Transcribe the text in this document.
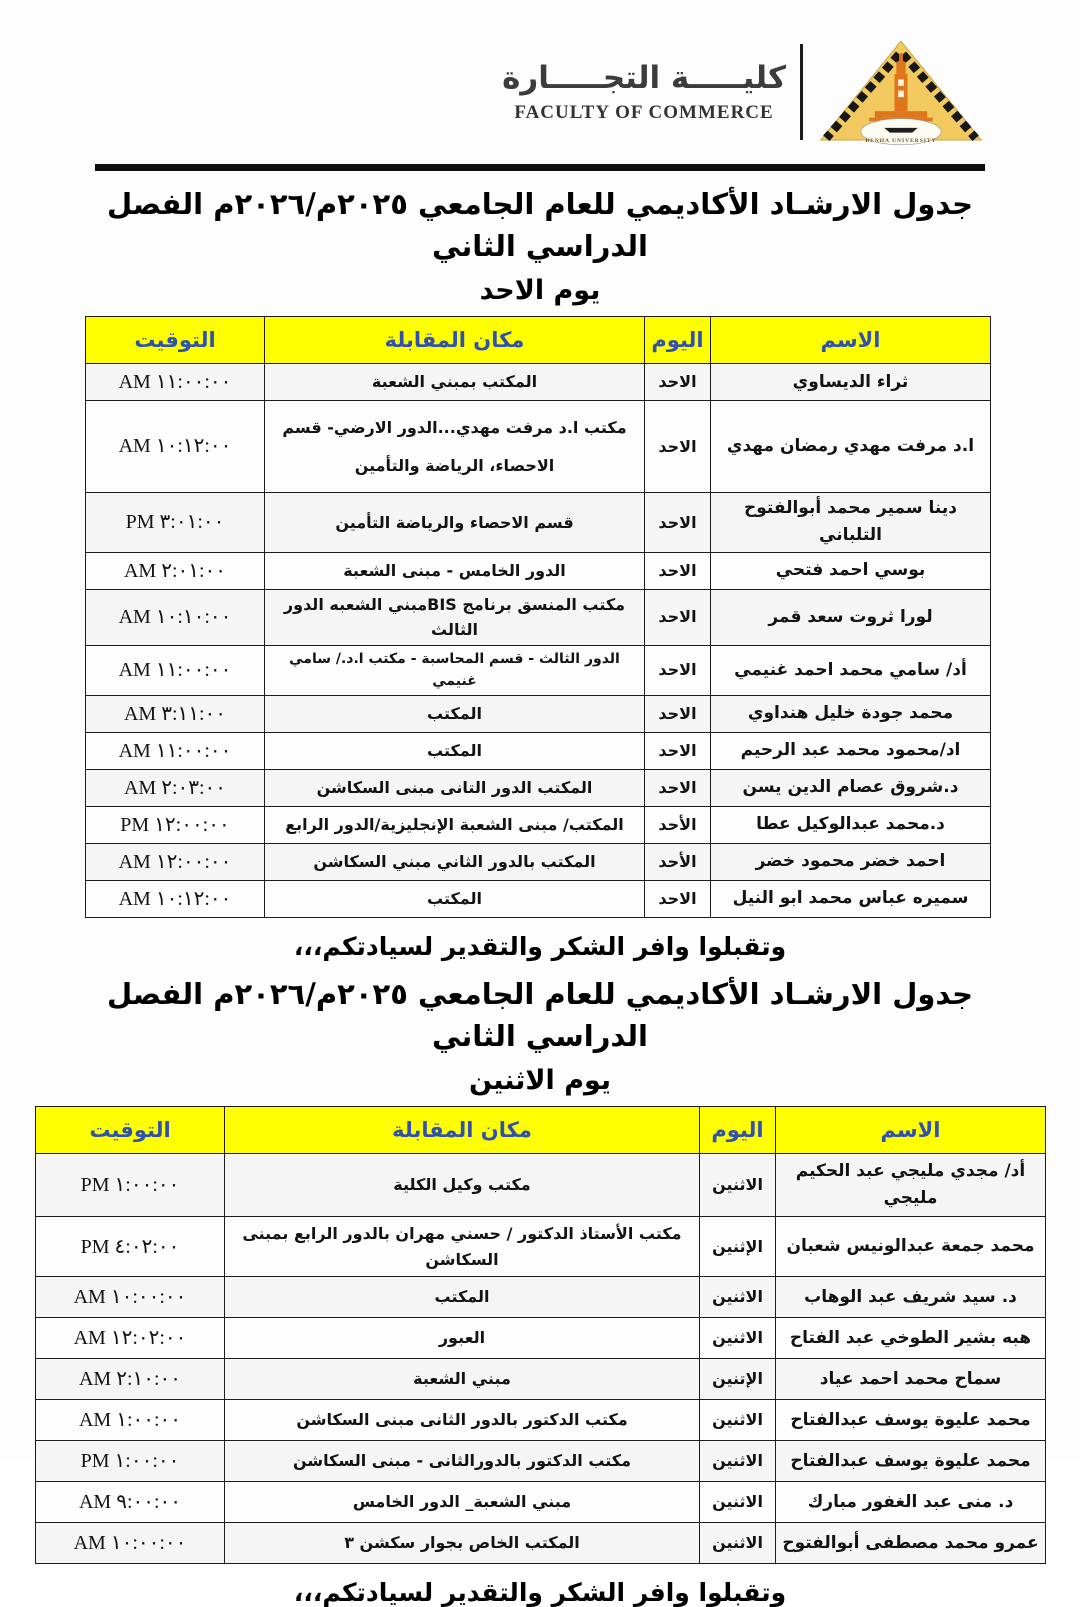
كليـــــة التجـــــارة
FACULTY OF COMMERCE
BENHA UNIVERSITY
جدول الارشـاد الأكاديمي للعام الجامعي ٢٠٢٥م/٢٠٢٦م الفصل الدراسي الثاني
يوم الاحد
الاسم	اليوم	مكان المقابلة	التوقيت
ثراء الديساوي	الاحد	المكتب بمبني الشعبة	AM ١١:٠٠:٠٠
ا.د مرفت مهدي رمضان مهدي	الاحد	مكتب ا.د مرفت مهدي...الدور الارضي- قسم الاحصاء، الرياضة والتأمين	AM ١٠:١٢:٠٠
دينا سمير محمد أبوالفتوح التلباني	الاحد	قسم الاحصاء والرياضة التأمين	PM ٣:٠١:٠٠
بوسي احمد فتحي	الاحد	الدور الخامس - مبنى الشعبة	AM ٢:٠١:٠٠
لورا ثروت سعد قمر	الاحد	مكتب المنسق برنامج BISمبني الشعبه الدور الثالث	AM ١٠:١٠:٠٠
أد/ سامي محمد احمد غنيمي	الاحد	الدور الثالث - قسم المحاسبة - مكتب ا.د./ سامي غنيمي	AM ١١:٠٠:٠٠
محمد جودة خليل هنداوي	الاحد	المكتب	AM ٣:١١:٠٠
اد/محمود محمد عبد الرحيم	الاحد	المكتب	AM ١١:٠٠:٠٠
د.شروق عصام الدين يسن	الاحد	المكتب الدور التانى مبنى السكاشن	AM ٢:٠٣:٠٠
د.محمد عبدالوكيل عطا	الأحد	المكتب/ مبنى الشعبة الإنجليزية/الدور الرابع	PM ١٢:٠٠:٠٠
احمد خضر محمود خضر	الأحد	المكتب بالدور الثاني مبني السكاشن	AM ١٢:٠٠:٠٠
سميره عباس محمد ابو النيل	الاحد	المكتب	AM ١٠:١٢:٠٠
وتقبلوا وافر الشكر والتقدير لسيادتكم،،،
جدول الارشـاد الأكاديمي للعام الجامعي ٢٠٢٥م/٢٠٢٦م الفصل الدراسي الثاني
يوم الاثنين
الاسم	اليوم	مكان المقابلة	التوقيت
أد/ مجدي مليجي عبد الحكيم مليجي	الاثنين	مكتب وكيل الكلية	PM ١:٠٠:٠٠
محمد جمعة عبدالونيس شعبان	الإثنين	مكتب الأستاذ الدكتور / حسني مهران بالدور الرابع بمبنى السكاشن	PM ٤:٠٢:٠٠
د. سيد شريف عبد الوهاب	الاثنين	المكتب	AM ١٠:٠٠:٠٠
هبه بشير الطوخي عبد الفتاح	الاثنين	العبور	AM ١٢:٠٢:٠٠
سماح محمد احمد عياد	الإتنين	مبني الشعبة	AM ٢:١٠:٠٠
محمد عليوة يوسف عبدالفتاح	الاثنين	مكتب الدكتور بالدور الثانى مبنى السكاشن	AM ١:٠٠:٠٠
محمد عليوة يوسف عبدالفتاح	الاثنين	مكتب الدكتور بالدورالثانى - مبنى السكاشن	PM ١:٠٠:٠٠
د. منى عبد الغفور مبارك	الاثنين	مبني الشعبة_ الدور الخامس	AM ٩:٠٠:٠٠
عمرو محمد مصطفى أبوالفتوح	الاثنين	المكتب الخاص بجوار سكشن ٣	AM ١٠:٠٠:٠٠
وتقبلوا وافر الشكر والتقدير لسيادتكم،،،
